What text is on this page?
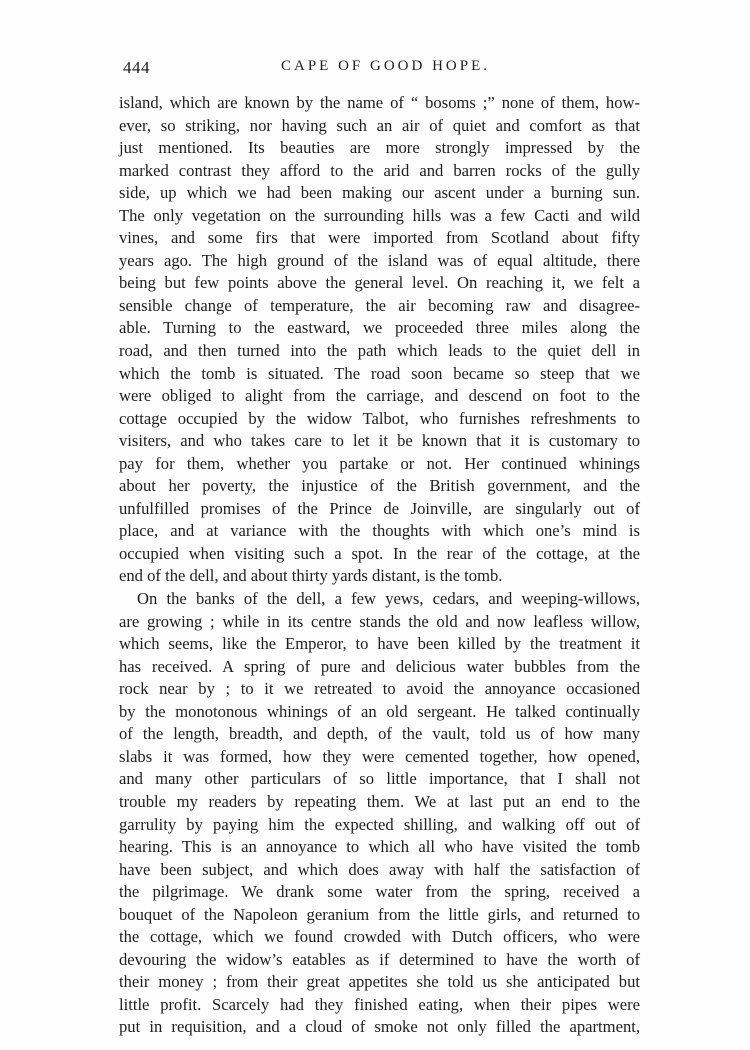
444	CAPE OF GOOD HOPE.
island, which are known by the name of “ bosoms ;” none of them, how-
ever, so striking, nor having such an air of quiet and comfort as that
just mentioned. Its beauties are more strongly impressed by the
marked contrast they afford to the arid and barren rocks of the gully
side, up which we had been making our ascent under a burning sun.
The only vegetation on the surrounding hills was a few Cacti and wild
vines, and some firs that were imported from Scotland about fifty
years ago. The high ground of the island was of equal altitude, there
being but few points above the general level. On reaching it, we felt a
sensible change of temperature, the air becoming raw and disagree-
able. Turning to the eastward, we proceeded three miles along the
road, and then turned into the path which leads to the quiet dell in
which the tomb is situated. The road soon became so steep that we
were obliged to alight from the carriage, and descend on foot to the
cottage occupied by the widow Talbot, who furnishes refreshments to
visiters, and who takes care to let it be known that it is customary to
pay for them, whether you partake or not. Her continued whinings
about her poverty, the injustice of the British government, and the
unfulfilled promises of the Prince de Joinville, are singularly out of
place, and at variance with the thoughts with which one’s mind is
occupied when visiting such a spot. In the rear of the cottage, at the
end of the dell, and about thirty yards distant, is the tomb.
On the banks of the dell, a few yews, cedars, and weeping-willows,
are growing ; while in its centre stands the old and now leafless willow,
which seems, like the Emperor, to have been killed by the treatment it
has received. A spring of pure and delicious water bubbles from the
rock near by ; to it we retreated to avoid the annoyance occasioned
by the monotonous whinings of an old sergeant. He talked continually
of the length, breadth, and depth, of the vault, told us of how many
slabs it was formed, how they were cemented together, how opened,
and many other particulars of so little importance, that I shall not
trouble my readers by repeating them. We at last put an end to the
garrulity by paying him the expected shilling, and walking off out of
hearing. This is an annoyance to which all who have visited the tomb
have been subject, and which does away with half the satisfaction of
the pilgrimage. We drank some water from the spring, received a
bouquet of the Napoleon geranium from the little girls, and returned to
the cottage, which we found crowded with Dutch officers, who were
devouring the widow’s eatables as if determined to have the worth of
their money ; from their great appetites she told us she anticipated but
little profit. Scarcely had they finished eating, when their pipes were
put in requisition, and a cloud of smoke not only filled the apartment,
